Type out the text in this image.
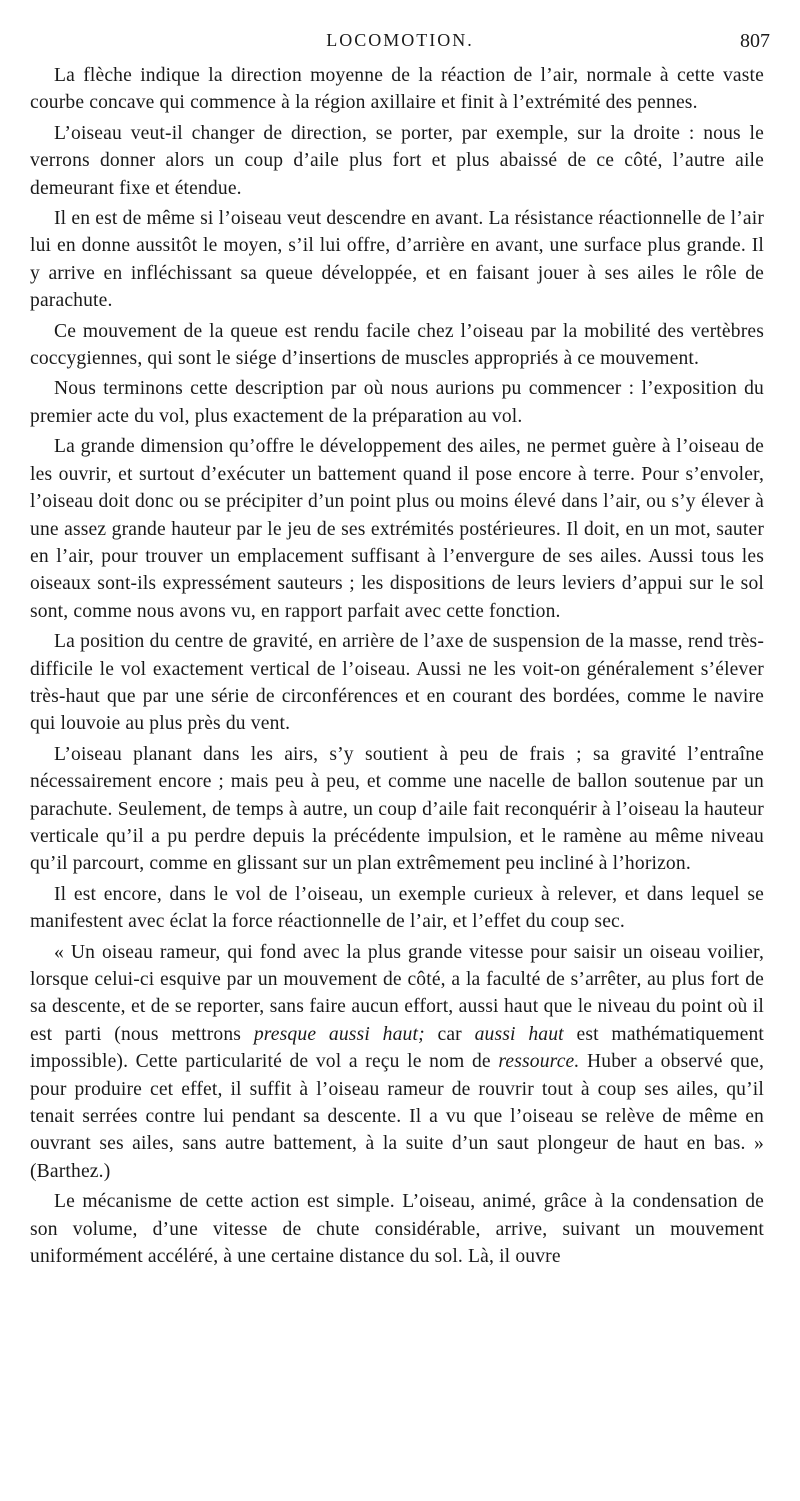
LOCOMOTION.	807

La flèche indique la direction moyenne de la réaction de l’air, normale à cette vaste courbe concave qui commence à la région axillaire et finit à l’extrémité des pennes.

L’oiseau veut-il changer de direction, se porter, par exemple, sur la droite : nous le verrons donner alors un coup d’aile plus fort et plus abaissé de ce côté, l’autre aile demeurant fixe et étendue.

Il en est de même si l’oiseau veut descendre en avant. La résistance réactionnelle de l’air lui en donne aussitôt le moyen, s’il lui offre, d’arrière en avant, une surface plus grande. Il y arrive en infléchissant sa queue développée, et en faisant jouer à ses ailes le rôle de parachute.

Ce mouvement de la queue est rendu facile chez l’oiseau par la mobilité des vertèbres coccygiennes, qui sont le siége d’insertions de muscles appropriés à ce mouvement.

Nous terminons cette description par où nous aurions pu commencer : l’exposition du premier acte du vol, plus exactement de la préparation au vol.

La grande dimension qu’offre le développement des ailes, ne permet guère à l’oiseau de les ouvrir, et surtout d’exécuter un battement quand il pose encore à terre. Pour s’envoler, l’oiseau doit donc ou se précipiter d’un point plus ou moins élevé dans l’air, ou s’y élever à une assez grande hauteur par le jeu de ses extrémités postérieures. Il doit, en un mot, sauter en l’air, pour trouver un emplacement suffisant à l’envergure de ses ailes. Aussi tous les oiseaux sont-ils expressément sauteurs ; les dispositions de leurs leviers d’appui sur le sol sont, comme nous avons vu, en rapport parfait avec cette fonction.

La position du centre de gravité, en arrière de l’axe de suspension de la masse, rend très-difficile le vol exactement vertical de l’oiseau. Aussi ne les voit-on généralement s’élever très-haut que par une série de circonférences et en courant des bordées, comme le navire qui louvoie au plus près du vent.

L’oiseau planant dans les airs, s’y soutient à peu de frais ; sa gravité l’entraîne nécessairement encore ; mais peu à peu, et comme une nacelle de ballon soutenue par un parachute. Seulement, de temps à autre, un coup d’aile fait reconquérir à l’oiseau la hauteur verticale qu’il a pu perdre depuis la précédente impulsion, et le ramène au même niveau qu’il parcourt, comme en glissant sur un plan extrêmement peu incliné à l’horizon.

Il est encore, dans le vol de l’oiseau, un exemple curieux à relever, et dans lequel se manifestent avec éclat la force réactionnelle de l’air, et l’effet du coup sec.

« Un oiseau rameur, qui fond avec la plus grande vitesse pour saisir un oiseau voilier, lorsque celui-ci esquive par un mouvement de côté, a la faculté de s’arrêter, au plus fort de sa descente, et de se reporter, sans faire aucun effort, aussi haut que le niveau du point où il est parti (nous mettrons presque aussi haut; car aussi haut est mathématiquement impossible). Cette particularité de vol a reçu le nom de ressource. Huber a observé que, pour produire cet effet, il suffit à l’oiseau rameur de rouvrir tout à coup ses ailes, qu’il tenait serrées contre lui pendant sa descente. Il a vu que l’oiseau se relève de même en ouvrant ses ailes, sans autre battement, à la suite d’un saut plongeur de haut en bas. » (Barthez.)

Le mécanisme de cette action est simple. L’oiseau, animé, grâce à la condensation de son volume, d’une vitesse de chute considérable, arrive, suivant un mouvement uniformément accéléré, à une certaine distance du sol. Là, il ouvre
